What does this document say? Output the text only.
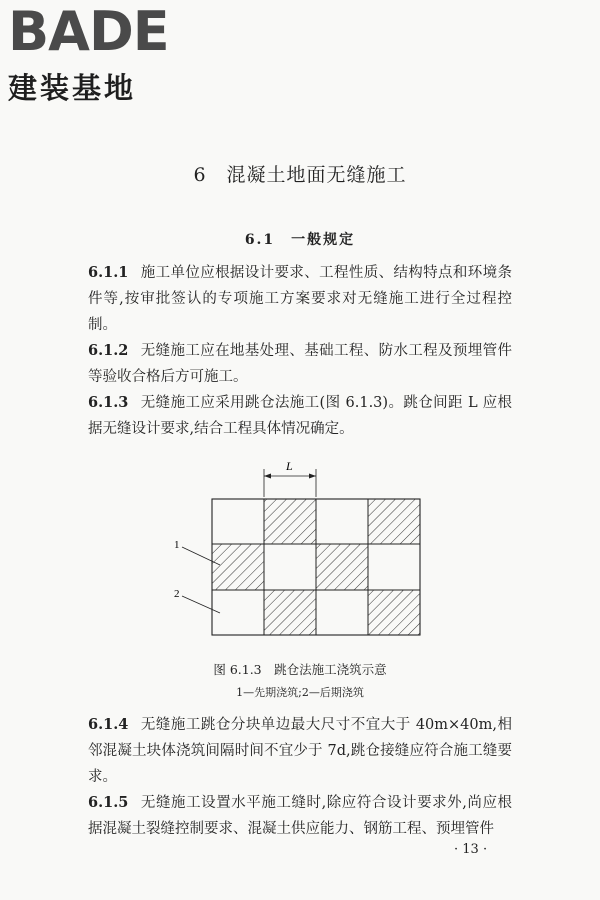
BADE
建装基地
6　混凝土地面无缝施工
6.1　一般规定

6.1.1 施工单位应根据设计要求、工程性质、结构特点和环境条件等,按审批签认的专项施工方案要求对无缝施工进行全过程控制。

6.1.2 无缝施工应在地基处理、基础工程、防水工程及预埋管件等验收合格后方可施工。

6.1.3 无缝施工应采用跳仓法施工(图 6.1.3)。跳仓间距 L 应根据无缝设计要求,结合工程具体情况确定。

L
1
2
图 6.1.3　跳仓法施工浇筑示意
1—先期浇筑;2—后期浇筑

6.1.4 无缝施工跳仓分块单边最大尺寸不宜大于 40m×40m,相邻混凝土块体浇筑间隔时间不宜少于 7d,跳仓接缝应符合施工缝要求。

6.1.5 无缝施工设置水平施工缝时,除应符合设计要求外,尚应根据混凝土裂缝控制要求、混凝土供应能力、钢筋工程、预埋管件

· 13 ·
